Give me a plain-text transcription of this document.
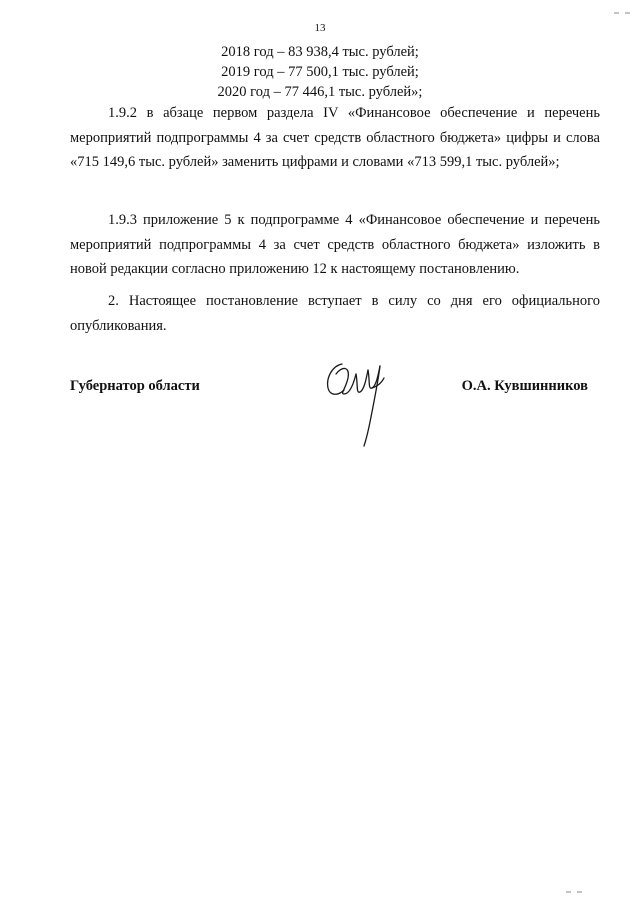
13
2018 год – 83 938,4 тыс. рублей;
2019 год – 77 500,1 тыс. рублей;
2020 год – 77 446,1 тыс. рублей»;

1.9.2 в абзаце первом раздела IV «Финансовое обеспечение и перечень мероприятий подпрограммы 4 за счет средств областного бюджета» цифры и слова «715 149,6 тыс. рублей» заменить цифрами и словами «713 599,1 тыс. рублей»;

1.9.3 приложение 5 к подпрограмме 4 «Финансовое обеспечение и перечень мероприятий подпрограммы 4 за счет средств областного бюджета» изложить в новой редакции согласно приложению 12 к настоящему постановлению.

2. Настоящее постановление вступает в силу со дня его официального опубликования.

Губернатор области	О.А. Кувшинников
